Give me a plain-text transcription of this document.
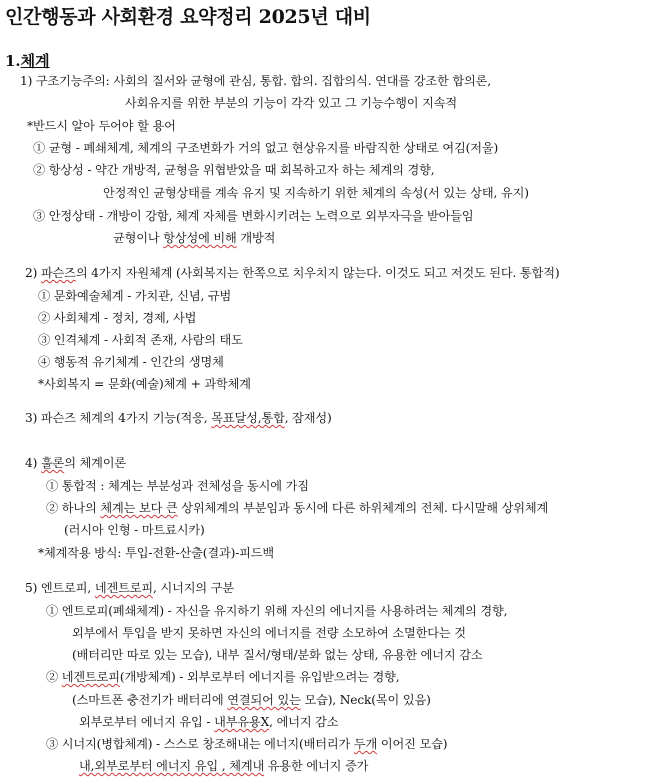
인간행동과 사회환경 요약정리 2025년 대비
1.체계
1) 구조기능주의: 사회의 질서와 균형에 관심, 통합. 합의. 집합의식. 연대를 강조한 합의론,
사회유지를 위한 부분의 기능이 각각 있고 그 기능수행이 지속적
*반드시 알아 두어야 할 용어
① 균형 - 폐쇄체계, 체계의 구조변화가 거의 없고 현상유지를 바람직한 상태로 여김(저울)
② 항상성 - 약간 개방적, 균형을 위협받았을 때 회복하고자 하는 체계의 경향,
안정적인 균형상태를 계속 유지 및 지속하기 위한 체계의 속성(서 있는 상태, 유지)
③ 안정상태 - 개방이 강함, 체계 자체를 변화시키려는 노력으로 외부자극을 받아들임
균형이나 항상성에 비해 개방적
2) 파슨즈의 4가지 자원체계 (사회복지는 한쪽으로 치우치지 않는다. 이것도 되고 저것도 된다. 통합적)
① 문화예술체계 - 가치관, 신념, 규범
② 사회체계 - 정치, 경제, 사법
③ 인격체계 - 사회적 존재, 사람의 태도
④ 행동적 유기체계 - 인간의 생명체
*사회복지 = 문화(예술)체계 + 과학체계
3) 파슨즈 체계의 4가지 기능(적응, 목표달성,통합, 잠재성)
4) 훌론의 체계이론
① 통합적 : 체계는 부분성과 전체성을 동시에 가짐
② 하나의 체계는 보다 큰 상위체계의 부분임과 동시에 다른 하위체계의 전체. 다시말해 상위체계
(러시아 인형 - 마트료시카)
*체계작용 방식: 투입-전환-산출(결과)-피드백
5) 엔트로피, 네겐트로피, 시너지의 구분
① 엔트로피(폐쇄체계) - 자신을 유지하기 위해 자신의 에너지를 사용하려는 체계의 경향,
외부에서 투입을 받지 못하면 자신의 에너지를 전량 소모하여 소멸한다는 것
(배터리만 따로 있는 모습), 내부 질서/형태/분화 없는 상태, 유용한 에너지 감소
② 네겐트로피(개방체계) - 외부로부터 에너지를 유입받으려는 경향,
(스마트폰 충전기가 배터리에 연결되어 있는 모습), Neck(목이 있음)
외부로부터 에너지 유입 - 내부유용X, 에너지 감소
③ 시너지(병합체계) - 스스로 창조해내는 에너지(배터리가 두개 이어진 모습)
내,외부로부터 에너지 유입 , 체계내 유용한 에너지 증가
